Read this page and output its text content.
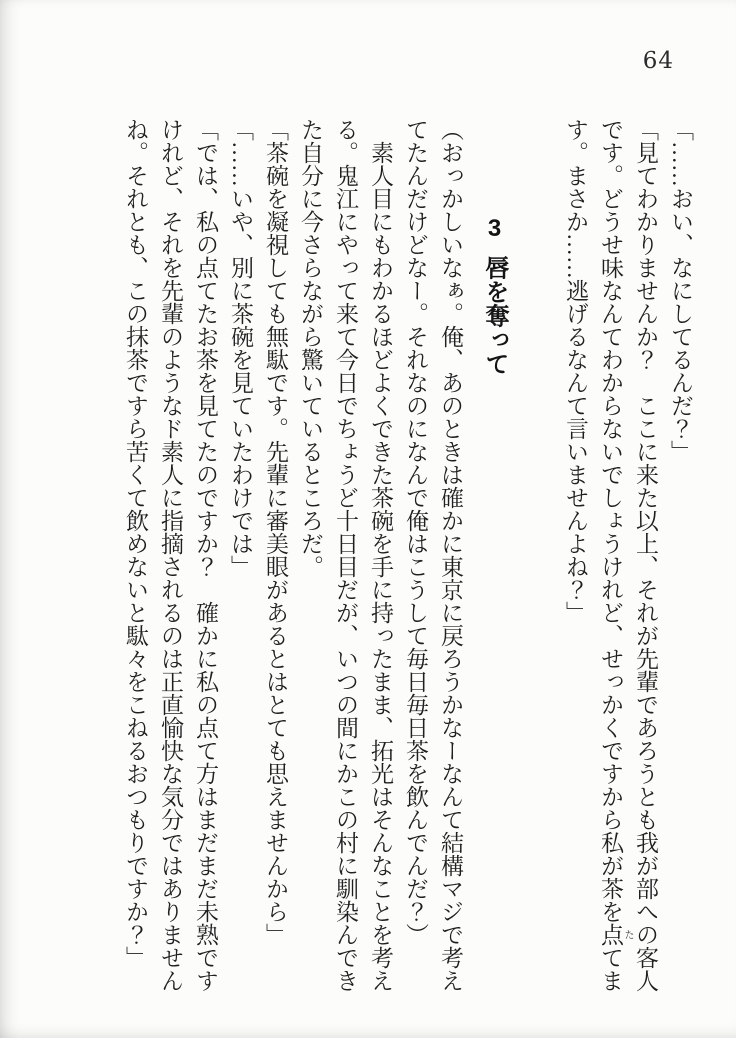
64

「……おい、なにしてるんだ？」

「見てわかりませんか？　ここに来た以上、それが先輩であろうとも我が部への客人です。どうせ味なんてわからないでしょうけれど、せっかくですから私が茶を点 たてます。まさか……逃げるなんて言いませんよね？」

3唇を奪って

（おっかしいなぁ。俺、あのときは確かに東京に戻ろうかなーなんて結構マジで考えてたんだけどなー。それなのになんで俺はこうして毎日毎日茶を飲んでんだ？）

　素人目にもわかるほどよくできた茶碗を手に持ったまま、拓光はそんなことを考える。鬼江にやって来て今日でちょうど十日目だが、いつの間にかこの村に馴染んできた自分に今さらながら驚いているところだ。

「茶碗を凝視しても無駄です。先輩に審美眼があるとはとても思えませんから」

「……いや、別に茶碗を見ていたわけでは」

「では、私の点てたお茶を見てたのですか？　確かに私の点て方はまだまだ未熟ですけれど、それを先輩のようなド素人に指摘されるのは正直愉快な気分ではありませんね。それとも、この抹茶ですら苦くて飲めないと駄々をこねるおつもりですか？」
